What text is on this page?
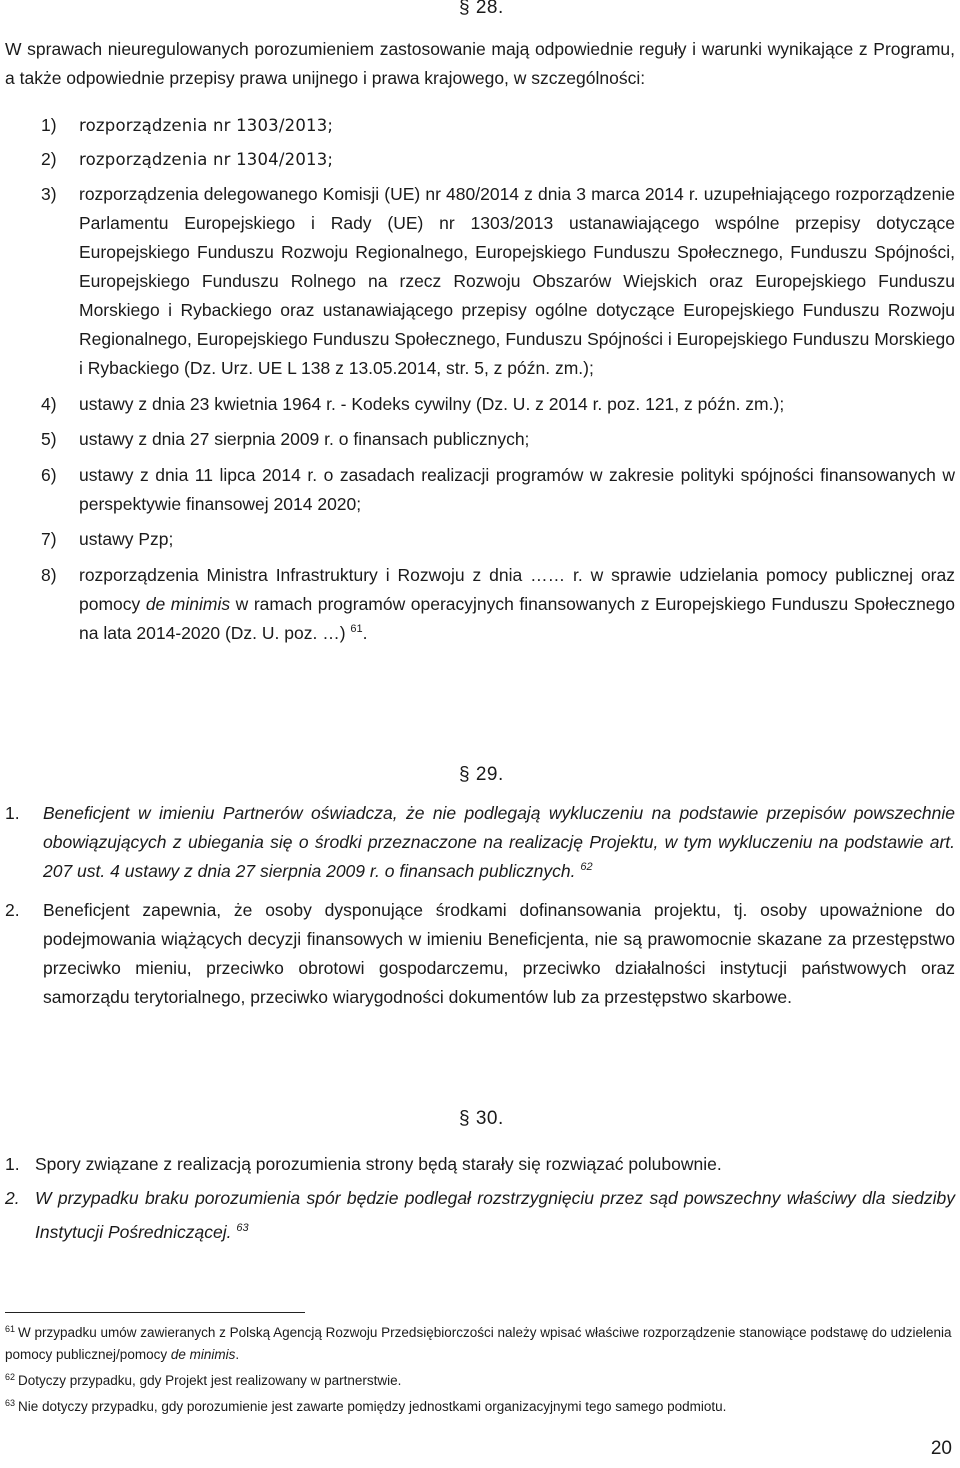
§ 28.
W sprawach nieuregulowanych porozumieniem zastosowanie mają odpowiednie reguły i warunki wynikające z Programu, a także odpowiednie przepisy prawa unijnego i prawa krajowego, w szczególności:
1) rozporządzenia nr 1303/2013;
2) rozporządzenia nr 1304/2013;
3) rozporządzenia delegowanego Komisji (UE) nr 480/2014 z dnia 3 marca 2014 r. uzupełniającego rozporządzenie Parlamentu Europejskiego i Rady (UE) nr 1303/2013 ustanawiającego wspólne przepisy dotyczące Europejskiego Funduszu Rozwoju Regionalnego, Europejskiego Funduszu Społecznego, Funduszu Spójności, Europejskiego Funduszu Rolnego na rzecz Rozwoju Obszarów Wiejskich oraz Europejskiego Funduszu Morskiego i Rybackiego oraz ustanawiającego przepisy ogólne dotyczące Europejskiego Funduszu Rozwoju Regionalnego, Europejskiego Funduszu Społecznego, Funduszu Spójności i Europejskiego Funduszu Morskiego i Rybackiego (Dz. Urz. UE L 138 z 13.05.2014, str. 5, z późn. zm.);
4) ustawy z dnia 23 kwietnia 1964 r. - Kodeks cywilny (Dz. U. z 2014 r. poz. 121, z późn. zm.);
5) ustawy z dnia 27 sierpnia 2009 r. o finansach publicznych;
6) ustawy z dnia 11 lipca 2014 r. o zasadach realizacji programów w zakresie polityki spójności finansowanych w perspektywie finansowej 2014 2020;
7) ustawy Pzp;
8) rozporządzenia Ministra Infrastruktury i Rozwoju z dnia …… r. w sprawie udzielania pomocy publicznej oraz pomocy de minimis w ramach programów operacyjnych finansowanych z Europejskiego Funduszu Społecznego na lata 2014-2020 (Dz. U. poz. …) $^{61}$.
§ 29.
1. Beneficjent w imieniu Partnerów oświadcza, że nie podlegają wykluczeniu na podstawie przepisów powszechnie obowiązujących z ubiegania się o środki przeznaczone na realizację Projektu, w tym wykluczeniu na podstawie art. 207 ust. 4 ustawy z dnia 27 sierpnia 2009 r. o finansach publicznych. $^{62}$
2. Beneficjent zapewnia, że osoby dysponujące środkami dofinansowania projektu, tj. osoby upoważnione do podejmowania wiążących decyzji finansowych w imieniu Beneficjenta, nie są prawomocnie skazane za przestępstwo przeciwko mieniu, przeciwko obrotowi gospodarczemu, przeciwko działalności instytucji państwowych oraz samorządu terytorialnego, przeciwko wiarygodności dokumentów lub za przestępstwo skarbowe.
§ 30.
1. Spory związane z realizacją porozumienia strony będą starały się rozwiązać polubownie.
2. W przypadku braku porozumienia spór będzie podlegał rozstrzygnięciu przez sąd powszechny właściwy dla siedziby Instytucji Pośredniczącej. $^{63}$

$^{61}$ W przypadku umów zawieranych z Polską Agencją Rozwoju Przedsiębiorczości należy wpisać właściwe rozporządzenie stanowiące podstawę do udzielenia pomocy publicznej/pomocy de minimis.

$^{62}$ Dotyczy przypadku, gdy Projekt jest realizowany w partnerstwie.

$^{63}$ Nie dotyczy przypadku, gdy porozumienie jest zawarte pomiędzy jednostkami organizacyjnymi tego samego podmiotu.

20
